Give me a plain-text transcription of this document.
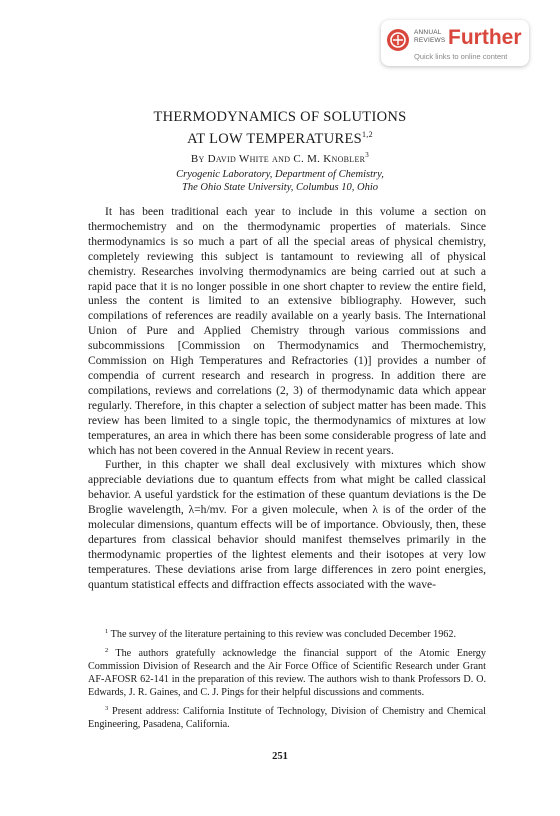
ANNUAL
REVIEWS Further
Quick links to online content
THERMODYNAMICS OF SOLUTIONS
AT LOW TEMPERATURES$^{1,2}$
By David White and C. M. Knobler$^3$
Cryogenic Laboratory, Department of Chemistry,
The Ohio State University, Columbus 10, Ohio

It has been traditional each year to include in this volume a section on thermochemistry and on the thermodynamic properties of materials. Since thermodynamics is so much a part of all the special areas of physical chemistry, completely reviewing this subject is tantamount to reviewing all of physical chemistry. Researches involving thermodynamics are being carried out at such a rapid pace that it is no longer possible in one short chapter to review the entire field, unless the content is limited to an extensive bibliography. However, such compilations of references are readily available on a yearly basis. The International Union of Pure and Applied Chemistry through various commissions and subcommissions [Commission on Thermodynamics and Thermochemistry, Commission on High Temperatures and Refractories (1)] provides a number of compendia of current research and research in progress. In addition there are compilations, reviews and correlations (2, 3) of thermodynamic data which appear regularly. Therefore, in this chapter a selection of subject matter has been made. This review has been limited to a single topic, the thermodynamics of mixtures at low temperatures, an area in which there has been some considerable progress of late and which has not been covered in the Annual Review in recent years.

Further, in this chapter we shall deal exclusively with mixtures which show appreciable deviations due to quantum effects from what might be called classical behavior. A useful yardstick for the estimation of these quantum deviations is the De Broglie wavelength, λ=h/mv. For a given molecule, when λ is of the order of the molecular dimensions, quantum effects will be of importance. Obviously, then, these departures from classical behavior should manifest themselves primarily in the thermodynamic properties of the lightest elements and their isotopes at very low temperatures. These deviations arise from large differences in zero point energies, quantum statistical effects and diffraction effects associated with the wave-

$^1$ The survey of the literature pertaining to this review was concluded December 1962.

$^2$ The authors gratefully acknowledge the financial support of the Atomic Energy Commission Division of Research and the Air Force Office of Scientific Research under Grant AF-AFOSR 62-141 in the preparation of this review. The authors wish to thank Professors D. O. Edwards, J. R. Gaines, and C. J. Pings for their helpful discussions and comments.

$^3$ Present address: California Institute of Technology, Division of Chemistry and Chemical Engineering, Pasadena, California.

251
